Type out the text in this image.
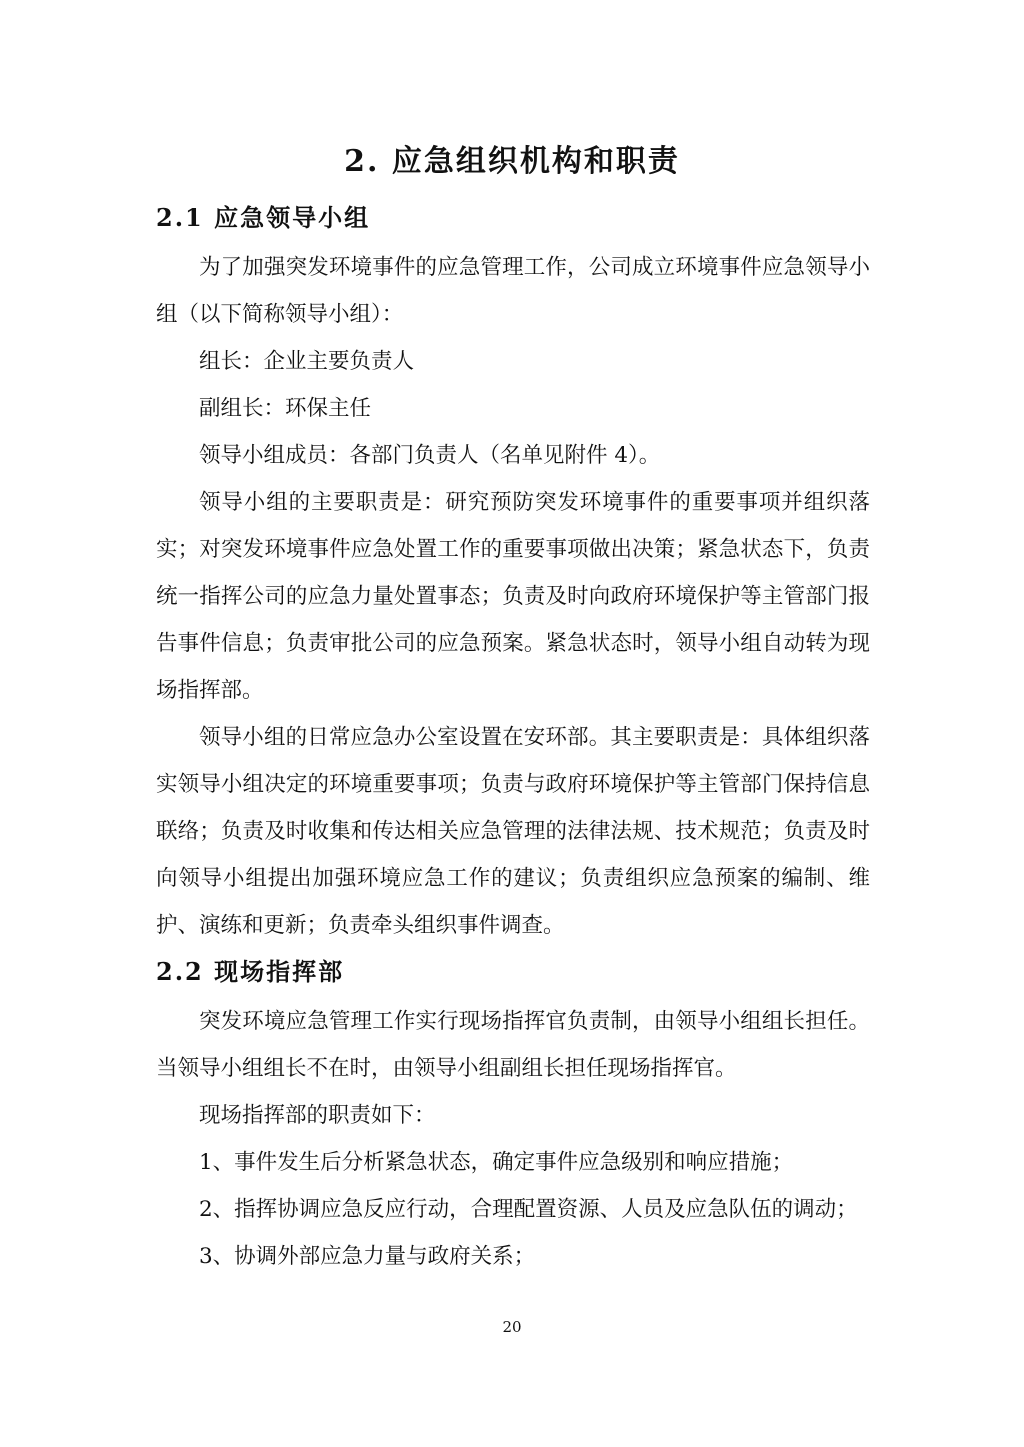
2. 应急组织机构和职责
2.1 应急领导小组

为了加强突发环境事件的应急管理工作，公司成立环境事件应急领导小组（以下简称领导小组）：

组长：企业主要负责人

副组长：环保主任

领导小组成员：各部门负责人（名单见附件 4）。

领导小组的主要职责是：研究预防突发环境事件的重要事项并组织落实；对突发环境事件应急处置工作的重要事项做出决策；紧急状态下，负责统一指挥公司的应急力量处置事态；负责及时向政府环境保护等主管部门报告事件信息；负责审批公司的应急预案。紧急状态时，领导小组自动转为现场指挥部。

领导小组的日常应急办公室设置在安环部。其主要职责是：具体组织落实领导小组决定的环境重要事项；负责与政府环境保护等主管部门保持信息联络；负责及时收集和传达相关应急管理的法律法规、技术规范；负责及时向领导小组提出加强环境应急工作的建议；负责组织应急预案的编制、维护、演练和更新；负责牵头组织事件调查。

2.2 现场指挥部

突发环境应急管理工作实行现场指挥官负责制，由领导小组组长担任。当领导小组组长不在时，由领导小组副组长担任现场指挥官。

现场指挥部的职责如下：

1、事件发生后分析紧急状态，确定事件应急级别和响应措施；

2、指挥协调应急反应行动，合理配置资源、人员及应急队伍的调动；

3、协调外部应急力量与政府关系；

20
